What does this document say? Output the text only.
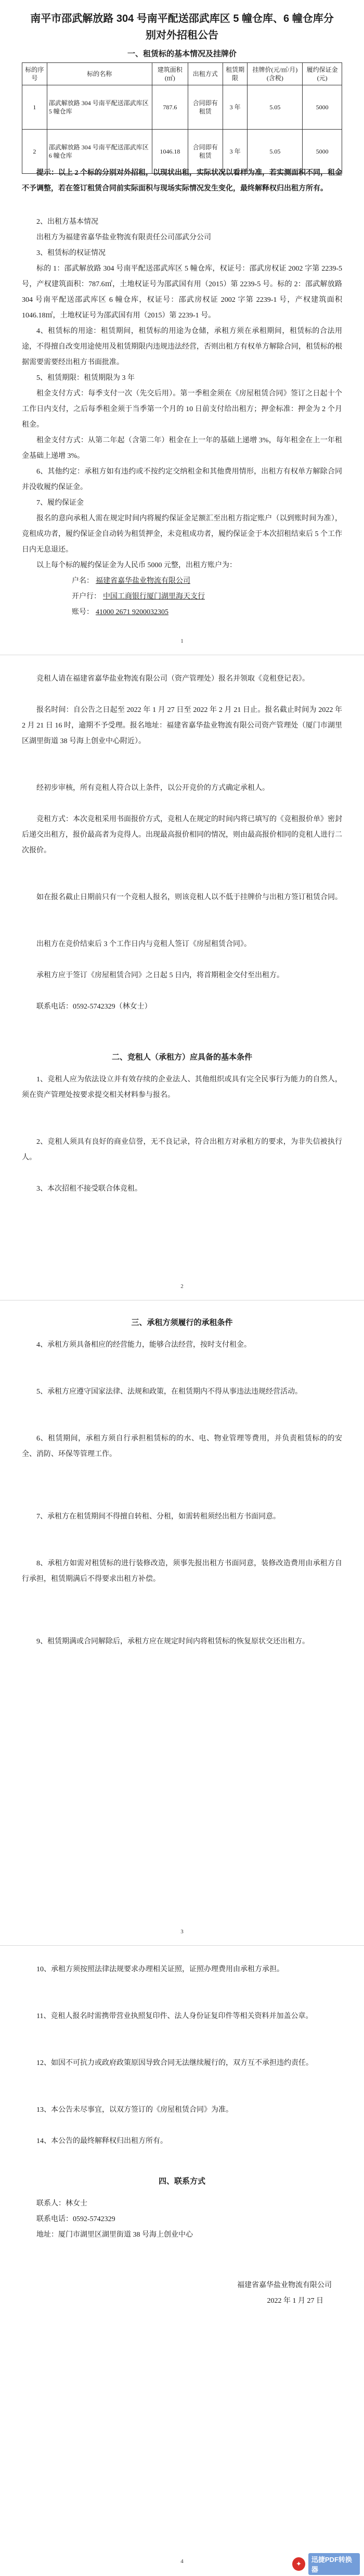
南平市邵武解放路 304 号南平配送邵武库区 5 幢仓库、6 幢仓库分别对外招租公告
一、租赁标的基本情况及挂牌价
标的序号	标的名称	建筑面积(㎡)	出租方式	租赁期限	挂牌价(元/㎡/月)(含税)	履约保证金(元)
1	邵武解放路 304 号南平配送邵武库区 5 幢仓库	787.6	合同即有租赁	3 年	5.05	5000
2	邵武解放路 304 号南平配送邵武库区 6 幢仓库	1046.18	合同即有租赁	3 年	5.05	5000
提示：以上 2 个标的分别对外招租，以现状出租，实际状况以看样为准，若实测面积不同，租金不予调整，若在签订租赁合同前实际面积与现场实际情况发生变化，最终解释权归出租方所有。
2、出租方基本情况
出租方为福建省嘉华盐业物流有限责任公司邵武分公司
3、租赁标的权证情况
标的 1：邵武解放路 304 号南平配送邵武库区 5 幢仓库，权证号：邵武房权证 2002 字第 2239-5 号，产权建筑面积：787.6㎡，土地权证号为邵武国有用（2015）第 2239-5 号。标的 2：邵武解放路 304 号南平配送邵武库区 6 幢仓库，权证号：邵武房权证 2002 字第 2239-1 号，产权建筑面积 1046.18㎡，土地权证号为邵武国有用（2015）第 2239-1 号。
4、租赁标的用途：租赁期间，租赁标的用途为仓储，承租方须在承租期间，租赁标的合法用途，不得擅自改变用途使用及租赁期限内违规违法经营，否则出租方有权单方解除合同，租赁标的根据需要需要经出租方书面批准。
5、租赁期限：租赁期限为 3 年
租金支付方式：每季支付一次（先交后用）。第一季租金须在《房屋租赁合同》签订之日起十个工作日内支付，之后每季租金须于当季第一个月的 10 日前支付给出租方；押金标准：押金为 2 个月租金。
租金支付方式：从第二年起（含第二年）租金在上一年的基础上递增 3%，每年租金在上一年租金基础上递增 3%。
6、其他约定：承租方如有违约或不按约定交纳租金和其他费用情形，出租方有权单方解除合同并没收履约保证金。
7、履约保证金
报名的意向承租人需在规定时间内将履约保证金足额汇至出租方指定账户（以到账时间为准），竞租成功者，履约保证金自动转为租赁押金，未竞租成功者，履约保证金于本次招租结束后 5 个工作日内无息退还。
以上每个标的履约保证金为人民币 5000 元整，出租方账户为：
户名： 福建省嘉华盐业物流有限公司
开户行： 中国工商银行厦门湖里海天支行
账号： 41000 2671 9200032305
1
竞租人请在福建省嘉华盐业物流有限公司（资产管理处）报名并领取《竞租登记表》。
报名时间：自公告之日起至 2022 年 1 月 27 日至 2022 年 2 月 21 日止。报名截止时间为 2022 年 2 月 21 日 16 时，逾期不予受理。报名地址：福建省嘉华盐业物流有限公司资产管理处（厦门市湖里区湖里街道 38 号海上创业中心附近）。
经初步审核，所有竞租人符合以上条件，以公开竞价的方式确定承租人。
竞租方式：本次竞租采用书面报价方式，竞租人在规定的时间内将已填写的《竞租报价单》密封后递交出租方，报价最高者为竞得人。出现最高报价相同的情况，则由最高报价相同的竞租人进行二次报价。
如在报名截止日期前只有一个竞租人报名，则该竞租人以不低于挂牌价与出租方签订租赁合同。
出租方在竞价结束后 3 个工作日内与竞租人签订《房屋租赁合同》。
承租方应于签订《房屋租赁合同》之日起 5 日内，将首期租金交付至出租方。
联系电话：0592-5742329（林女士）
二、竞租人（承租方）应具备的基本条件
1、竞租人应为依法设立并有效存续的企业法人、其他组织或具有完全民事行为能力的自然人，须在资产管理处按要求提交相关材料参与报名。
2、竞租人须具有良好的商业信誉，无不良记录，符合出租方对承租方的要求，为非失信被执行人。
3、本次招租不接受联合体竞租。
2
三、承租方须履行的承租条件
4、承租方须具备相应的经营能力，能够合法经营，按时支付租金。
5、承租方应遵守国家法律、法规和政策，在租赁期内不得从事违法违规经营活动。
6、租赁期间，承租方须自行承担租赁标的的水、电、物业管理等费用，并负责租赁标的的安全、消防、环保等管理工作。
7、承租方在租赁期间不得擅自转租、分租，如需转租须经出租方书面同意。
8、承租方如需对租赁标的进行装修改造，须事先报出租方书面同意，装修改造费用由承租方自行承担，租赁期满后不得要求出租方补偿。
9、租赁期满或合同解除后，承租方应在规定时间内将租赁标的恢复原状交还出租方。
3
10、承租方须按照法律法规要求办理相关证照，证照办理费用由承租方承担。
11、竞租人报名时需携带营业执照复印件、法人身份证复印件等相关资料并加盖公章。
12、如因不可抗力或政府政策原因导致合同无法继续履行的，双方互不承担违约责任。
13、本公告未尽事宜，以双方签订的《房屋租赁合同》为准。
14、本公告的最终解释权归出租方所有。
四、联系方式
联系人：林女士
联系电话：0592-5742329
地址：厦门市湖里区湖里街道 38 号海上创业中心
福建省嘉华盐业物流有限公司
2022 年 1 月 27 日
4	✦
迅捷PDF转换器
